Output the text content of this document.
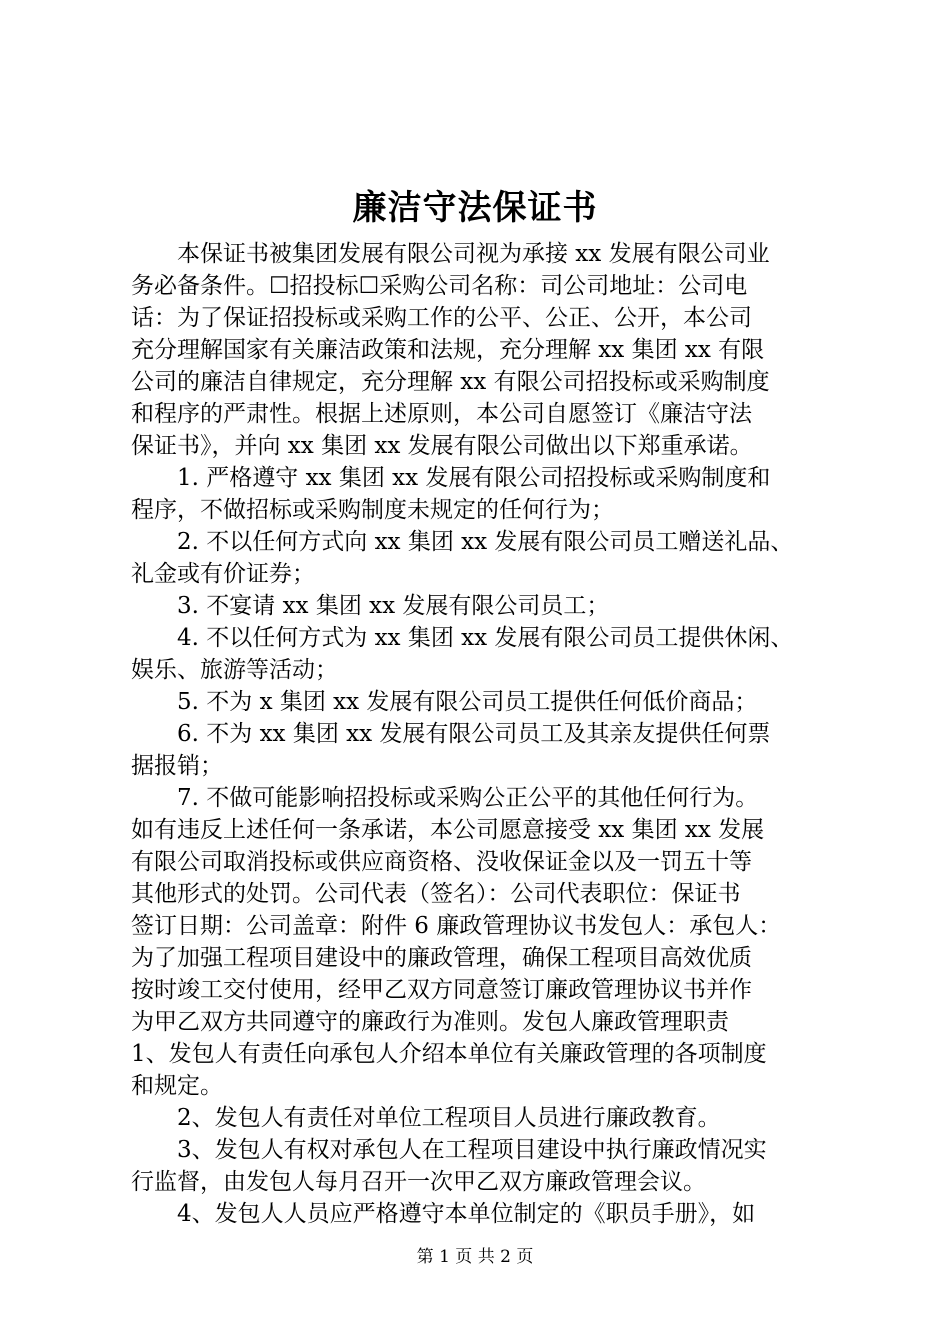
廉洁守法保证书
　　本保证书被集团发展有限公司视为承接 xx 发展有限公司业
务必备条件。☐招投标☐采购公司名称：司公司地址：公司电
话：为了保证招投标或采购工作的公平、公正、公开，本公司
充分理解国家有关廉洁政策和法规，充分理解 xx 集团 xx 有限
公司的廉洁自律规定，充分理解 xx 有限公司招投标或采购制度
和程序的严肃性。根据上述原则，本公司自愿签订《廉洁守法
保证书》，并向 xx 集团 xx 发展有限公司做出以下郑重承诺。
　　1. 严格遵守 xx 集团 xx 发展有限公司招投标或采购制度和
程序，不做招标或采购制度未规定的任何行为；
　　2. 不以任何方式向 xx 集团 xx 发展有限公司员工赠送礼品、
礼金或有价证券；
　　3. 不宴请 xx 集团 xx 发展有限公司员工；
　　4. 不以任何方式为 xx 集团 xx 发展有限公司员工提供休闲、
娱乐、旅游等活动；
　　5. 不为 x 集团 xx 发展有限公司员工提供任何低价商品；
　　6. 不为 xx 集团 xx 发展有限公司员工及其亲友提供任何票
据报销；
　　7. 不做可能影响招投标或采购公正公平的其他任何行为。
如有违反上述任何一条承诺，本公司愿意接受 xx 集团 xx 发展
有限公司取消投标或供应商资格、没收保证金以及一罚五十等
其他形式的处罚。公司代表（签名）：公司代表职位：保证书
签订日期：公司盖章：附件 6 廉政管理协议书发包人：承包人：
为了加强工程项目建设中的廉政管理，确保工程项目高效优质
按时竣工交付使用，经甲乙双方同意签订廉政管理协议书并作
为甲乙双方共同遵守的廉政行为准则。发包人廉政管理职责
1、发包人有责任向承包人介绍本单位有关廉政管理的各项制度
和规定。
　　2、发包人有责任对单位工程项目人员进行廉政教育。
　　3、发包人有权对承包人在工程项目建设中执行廉政情况实
行监督，由发包人每月召开一次甲乙双方廉政管理会议。
　　4、发包人人员应严格遵守本单位制定的《职员手册》，如
第 1 页 共 2 页
